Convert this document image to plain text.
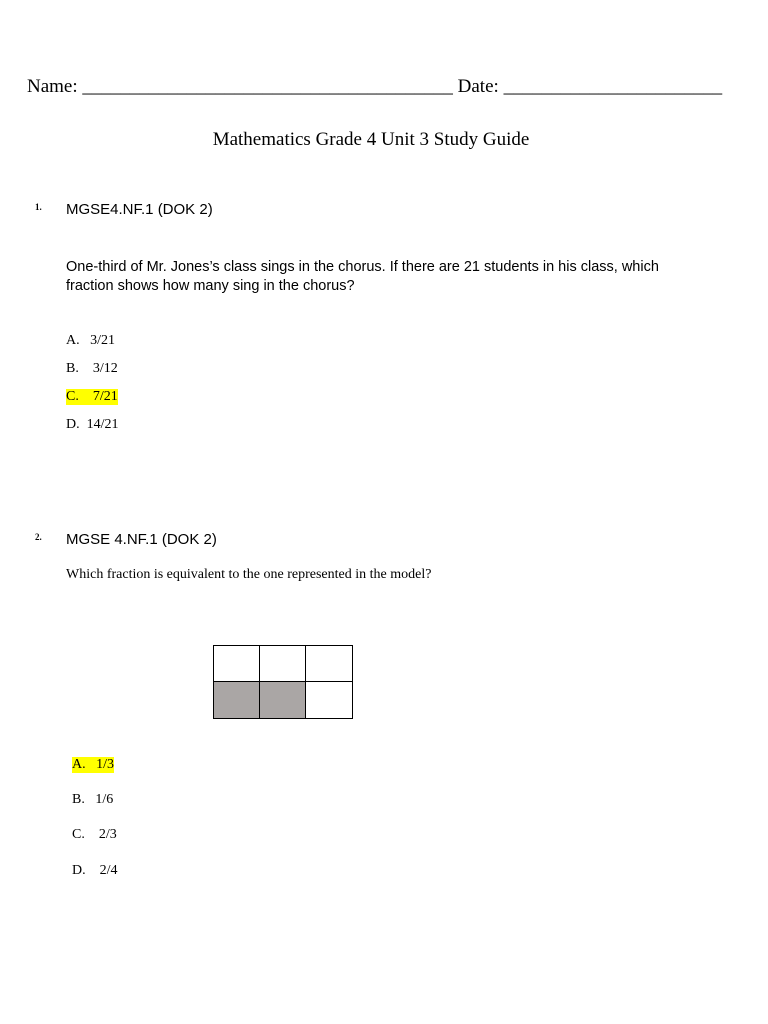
Name: _______________________________________ Date: _______________________
Mathematics Grade 4 Unit 3 Study Guide
1. MGSE4.NF.1 (DOK 2)
One-third of Mr. Jones’s class sings in the chorus. If there are 21 students in his class, which fraction shows how many sing in the chorus?
A. 3/21
B. 3/12
C. 7/21
D. 14/21
2. MGSE 4.NF.1 (DOK 2)
Which fraction is equivalent to the one represented in the model?
A. 1/3
B. 1/6
C. 2/3
D. 2/4
